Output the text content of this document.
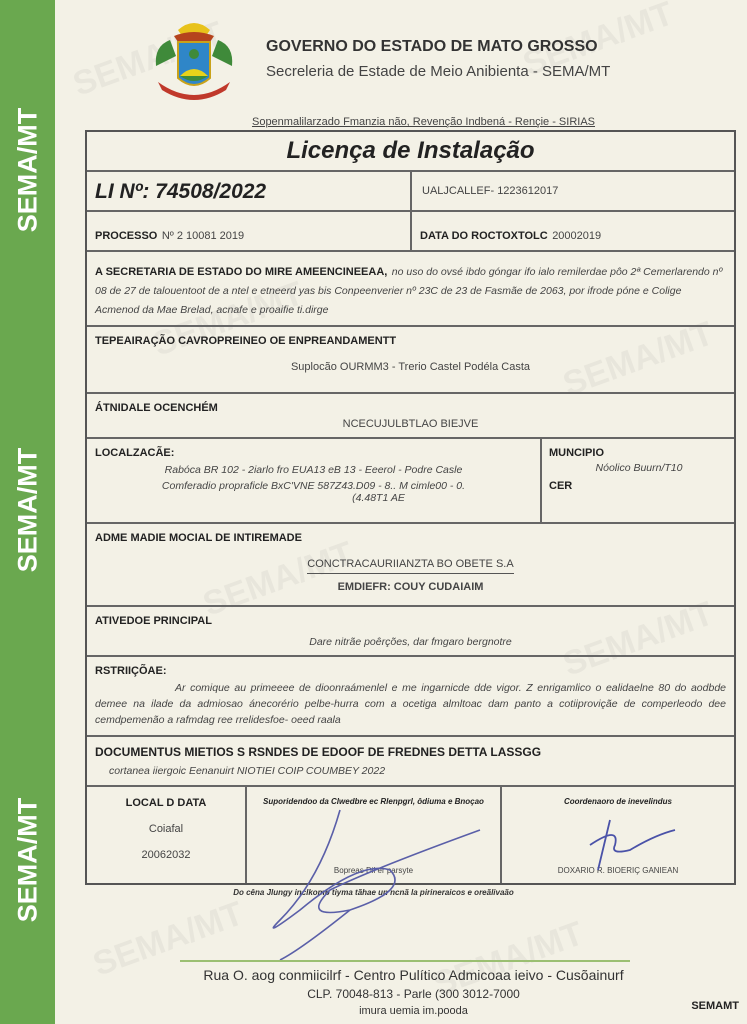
SEMA/MT
SEMA/MT
SEMA/MT
GOVERNO DO ESTADO DE MATO GROSSO
Secreleria de Estade de Meio Anibienta - SEMA/MT
Sopenmalilarzado Fmanzia não, Revenção Indbená - Rençie - SIRIAS
Licença de Instalação
LI Nº: 74508/2022	UALJCALLEF- 1223612017
PROCESSO Nº 2 10081 2019	DATA DO ROCTOXTOLC 20002019
A SECRETARIA DE ESTADO DO MIRE AMEENCINEEAA, no uso do ovsé ibdo góngar ifo ialo remilerdae pôo 2ª Cemerlarendo nº 08 de 27 de talouentoot de a ntel e etneerd yas bis Conpeenverier nº 23C de 23 de Fasmãe de 2063, por ifrode póne e Colige Acmenod da Mae Brelad, acnafe e proaifie ti.dirge
TEPEAIRAÇÃO CAVROPREINEO OE ENPREANDAMENTT
Suplocão OURMM3 - Trerio Castel Podéla Casta
ÁTNIDALE OCENCHÉM
NCECUJULBTLAO BIEJVE
LOCALZACÃE:
Rabóca BR 102 - 2iarlo fro EUA13 eB 13 - Eeerol - Podre Casle
Comferadio propraficle BxC'VNE 587Z43.D09 - 8.. M cimle00 - 0.
(4.48T1 AE
MUNCIPIO
Nóolico Buurn/T10
CER
ADME MADIE MOCIAL DE INTIREMADE
CONCTRACAURIIANZTA BO OBETE S.A
EMDIEFR: COUY CUDAIAIM
ATIVEDOE PRINCIPAL
Dare nitrãe poêrções, dar fmgaro bergnotre
RSTRIIÇÕAE:
Ar comique au primeeee de dioonraámenlel e me ingarnicde dde vigor. Z enrigamlico o ealidaelne 80 do aodbde demee na ilade da admiosao ánecorério pelbe-hurra com a ocetiga almltoac dam panto a cotiiproviçãe de comperleodo dee cemdpemenão a rafmdag ree rrelidesfoe- oeed raala
DOCUMENTUS MIETIOS S RSNDES DE EDOOF DE FREDNES DETTA LASSGG
cortanea iiergoic Eenanuirt NIOTIEI COIP COUMBEY 2022
LOCAL D DATA
Coiafal
20062032
Suporidendoo da Clwedbre ec Rlenpgrl, ôdiuma e Bnoçao
Bopreas Dil er parsyte
Coordenaoro de inevelindus
DOXARIO R. BIOERIÇ GANIEAN
Do cêna Jlungy inclkomb tiyma tãhae un ncnã la pirineraicos e oreãlivaão
Rua O. aog conmiicilrf - Centro Pulítico Admicoaa ieivo - Cusõainurf
CLP. 70048-813 - Parle (300 3012-7000
imura uemia im.pooda	SEMAMT
